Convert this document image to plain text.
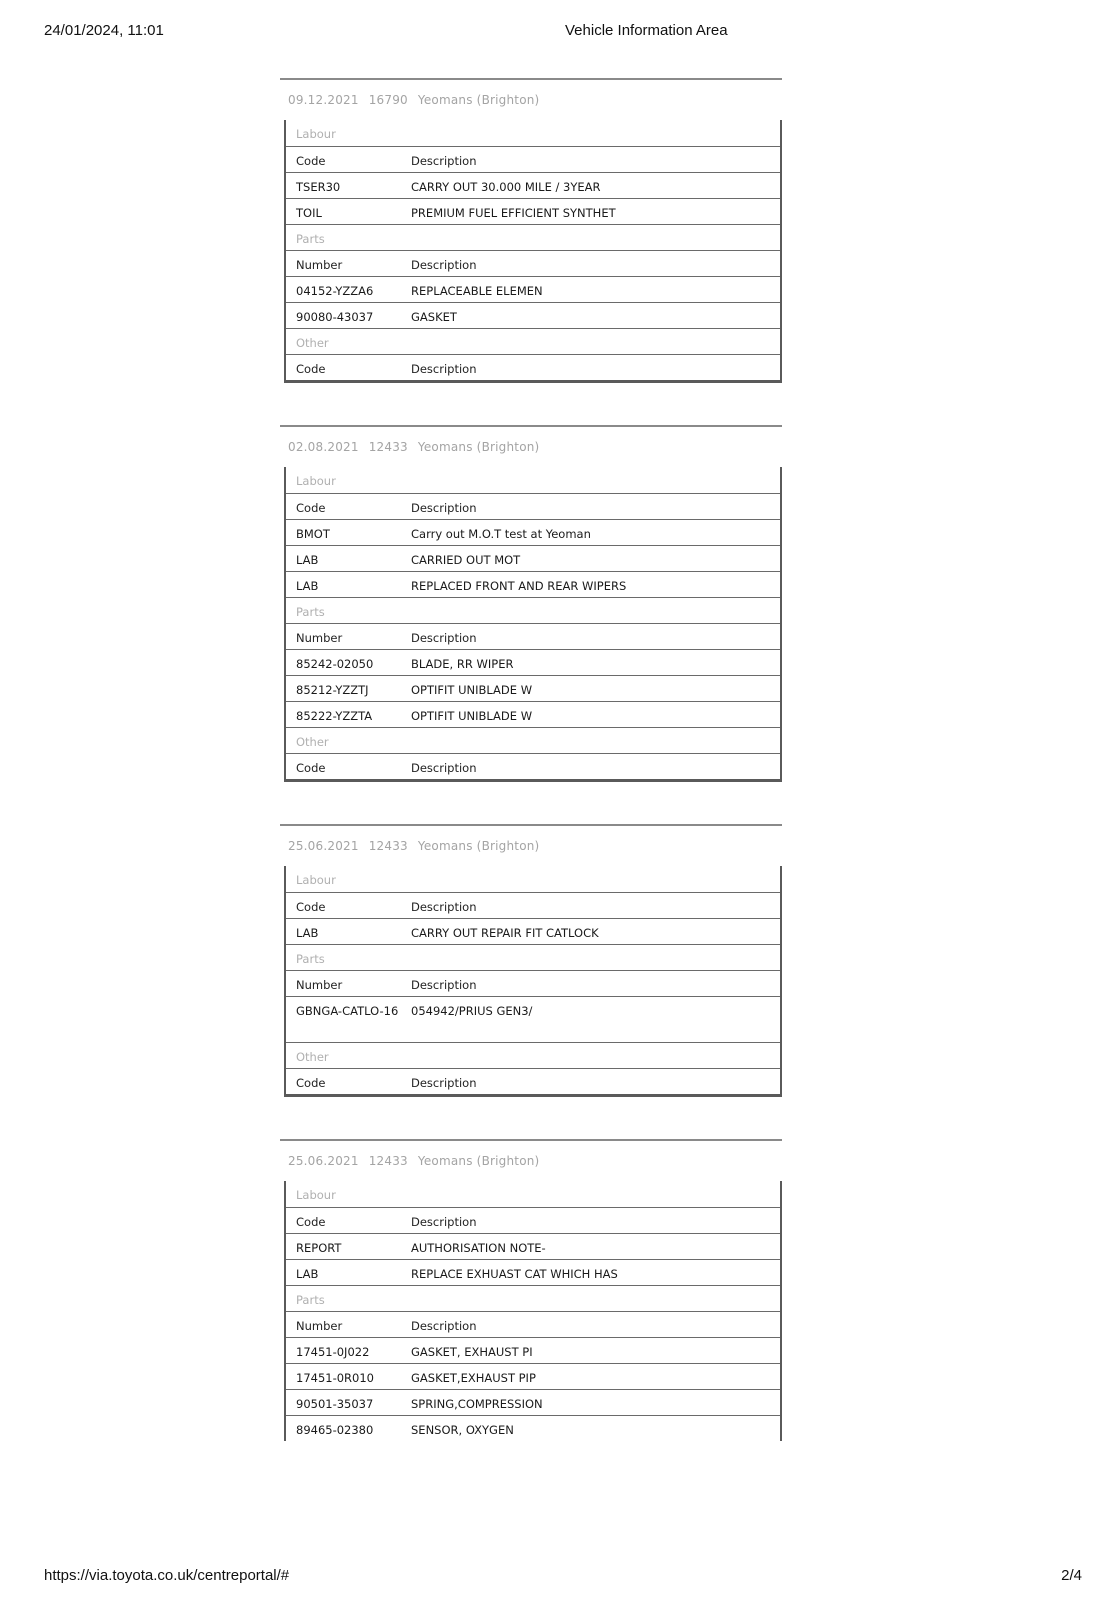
24/01/2024, 11:01	Vehicle Information Area
09.12.2021 16790 Yeomans (Brighton)
Labour
Code	Description
TSER30	CARRY OUT 30.000 MILE / 3YEAR
TOIL	PREMIUM FUEL EFFICIENT SYNTHET
Parts
Number	Description
04152-YZZA6	REPLACEABLE ELEMEN
90080-43037	GASKET
Other
Code	Description
02.08.2021 12433 Yeomans (Brighton)
Labour
Code	Description
BMOT	Carry out M.O.T test at Yeoman
LAB	CARRIED OUT MOT
LAB	REPLACED FRONT AND REAR WIPERS
Parts
Number	Description
85242-02050	BLADE, RR WIPER
85212-YZZTJ	OPTIFIT UNIBLADE W
85222-YZZTA	OPTIFIT UNIBLADE W
Other
Code	Description
25.06.2021 12433 Yeomans (Brighton)
Labour
Code	Description
LAB	CARRY OUT REPAIR FIT CATLOCK
Parts
Number	Description
GBNGA-CATLO-16	054942/PRIUS GEN3/
Other
Code	Description
25.06.2021 12433 Yeomans (Brighton)
Labour
Code	Description
REPORT	AUTHORISATION NOTE-
LAB	REPLACE EXHUAST CAT WHICH HAS
Parts
Number	Description
17451-0J022	GASKET, EXHAUST PI
17451-0R010	GASKET,EXHAUST PIP
90501-35037	SPRING,COMPRESSION
89465-02380	SENSOR, OXYGEN
https://via.toyota.co.uk/centreportal/#	2/4
